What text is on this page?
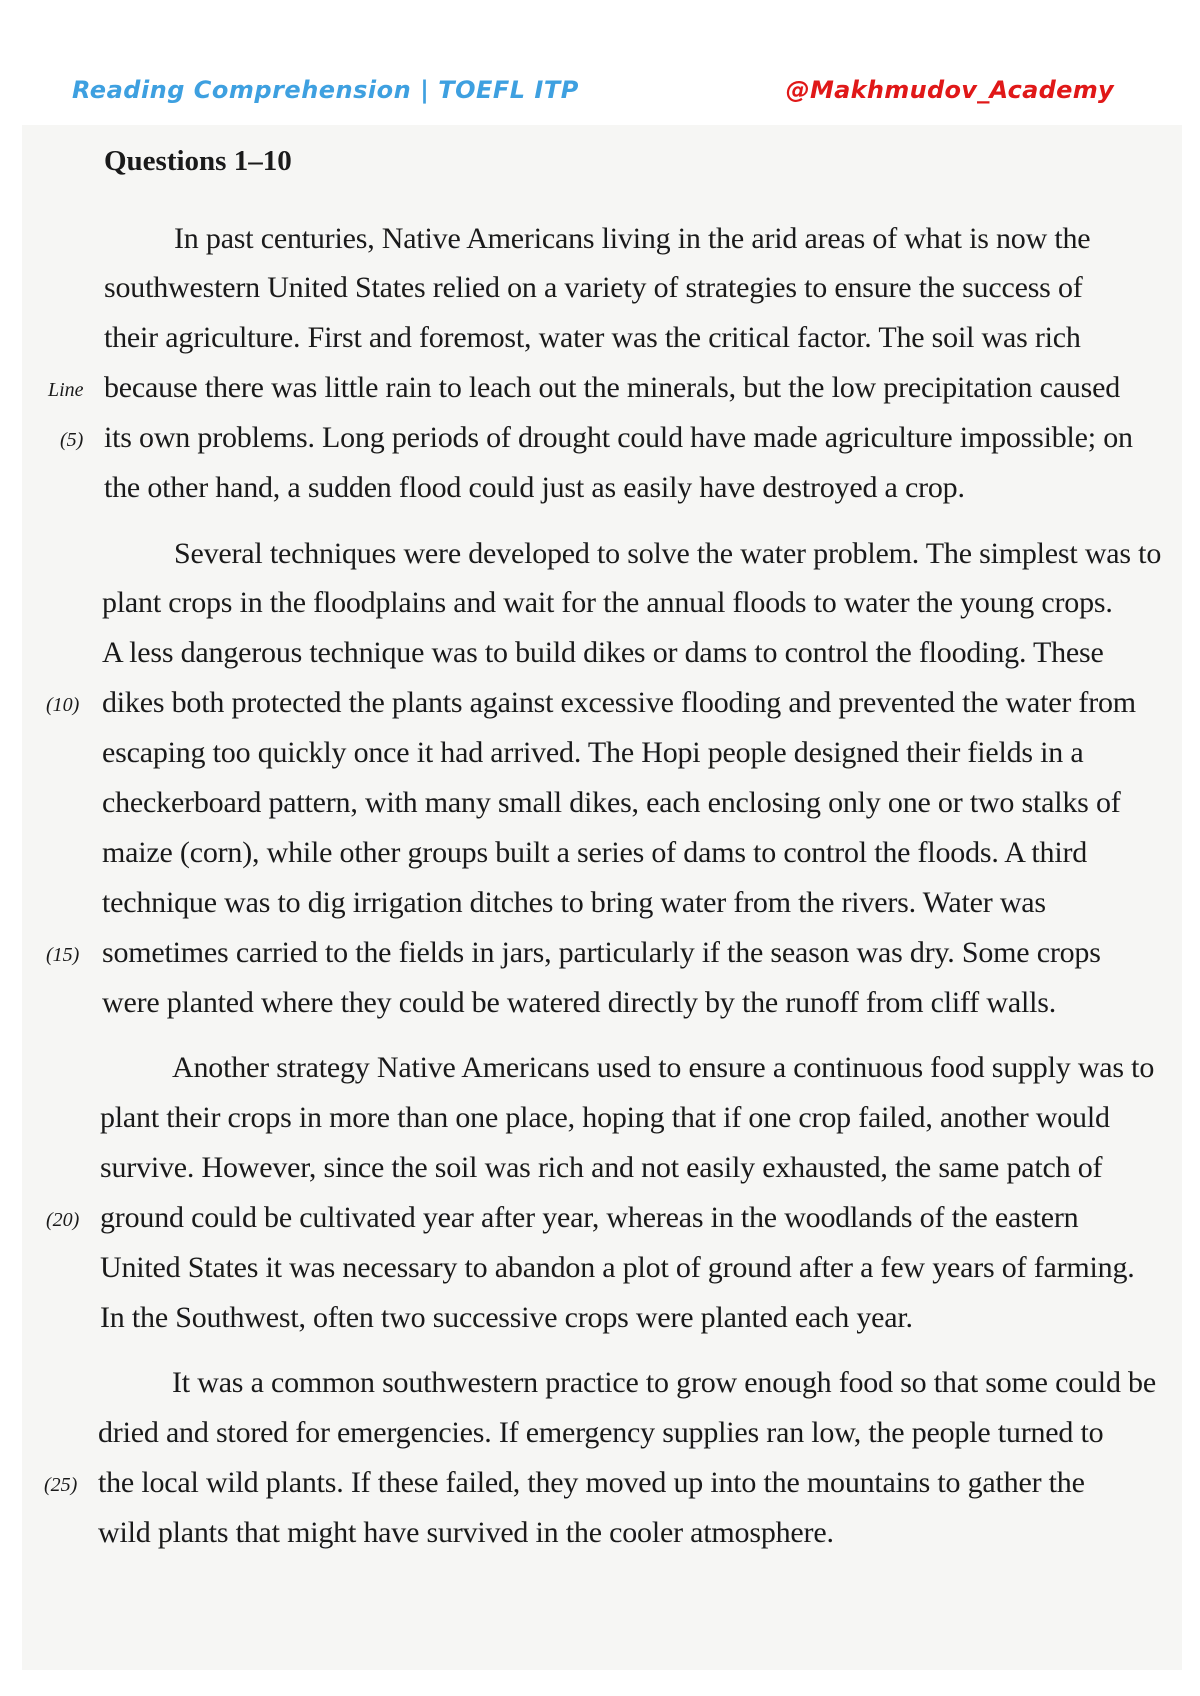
Reading Comprehension | TOEFL ITP	@Makhmudov_Academy
Questions 1–10
In past centuries, Native Americans living in the arid areas of what is now the
southwestern United States relied on a variety of strategies to ensure the success of
their agriculture. First and foremost, water was the critical factor. The soil was rich
because there was little rain to leach out the minerals, but the low precipitation caused
its own problems. Long periods of drought could have made agriculture impossible; on
the other hand, a sudden flood could just as easily have destroyed a crop.
Several techniques were developed to solve the water problem. The simplest was to
plant crops in the floodplains and wait for the annual floods to water the young crops.
A less dangerous technique was to build dikes or dams to control the flooding. These
dikes both protected the plants against excessive flooding and prevented the water from
escaping too quickly once it had arrived. The Hopi people designed their fields in a
checkerboard pattern, with many small dikes, each enclosing only one or two stalks of
maize (corn), while other groups built a series of dams to control the floods. A third
technique was to dig irrigation ditches to bring water from the rivers. Water was
sometimes carried to the fields in jars, particularly if the season was dry. Some crops
were planted where they could be watered directly by the runoff from cliff walls.
Another strategy Native Americans used to ensure a continuous food supply was to
plant their crops in more than one place, hoping that if one crop failed, another would
survive. However, since the soil was rich and not easily exhausted, the same patch of
ground could be cultivated year after year, whereas in the woodlands of the eastern
United States it was necessary to abandon a plot of ground after a few years of farming.
In the Southwest, often two successive crops were planted each year.
It was a common southwestern practice to grow enough food so that some could be
dried and stored for emergencies. If emergency supplies ran low, the people turned to
the local wild plants. If these failed, they moved up into the mountains to gather the
wild plants that might have survived in the cooler atmosphere.
Line
(5)
(10)
(15)
(20)
(25)
